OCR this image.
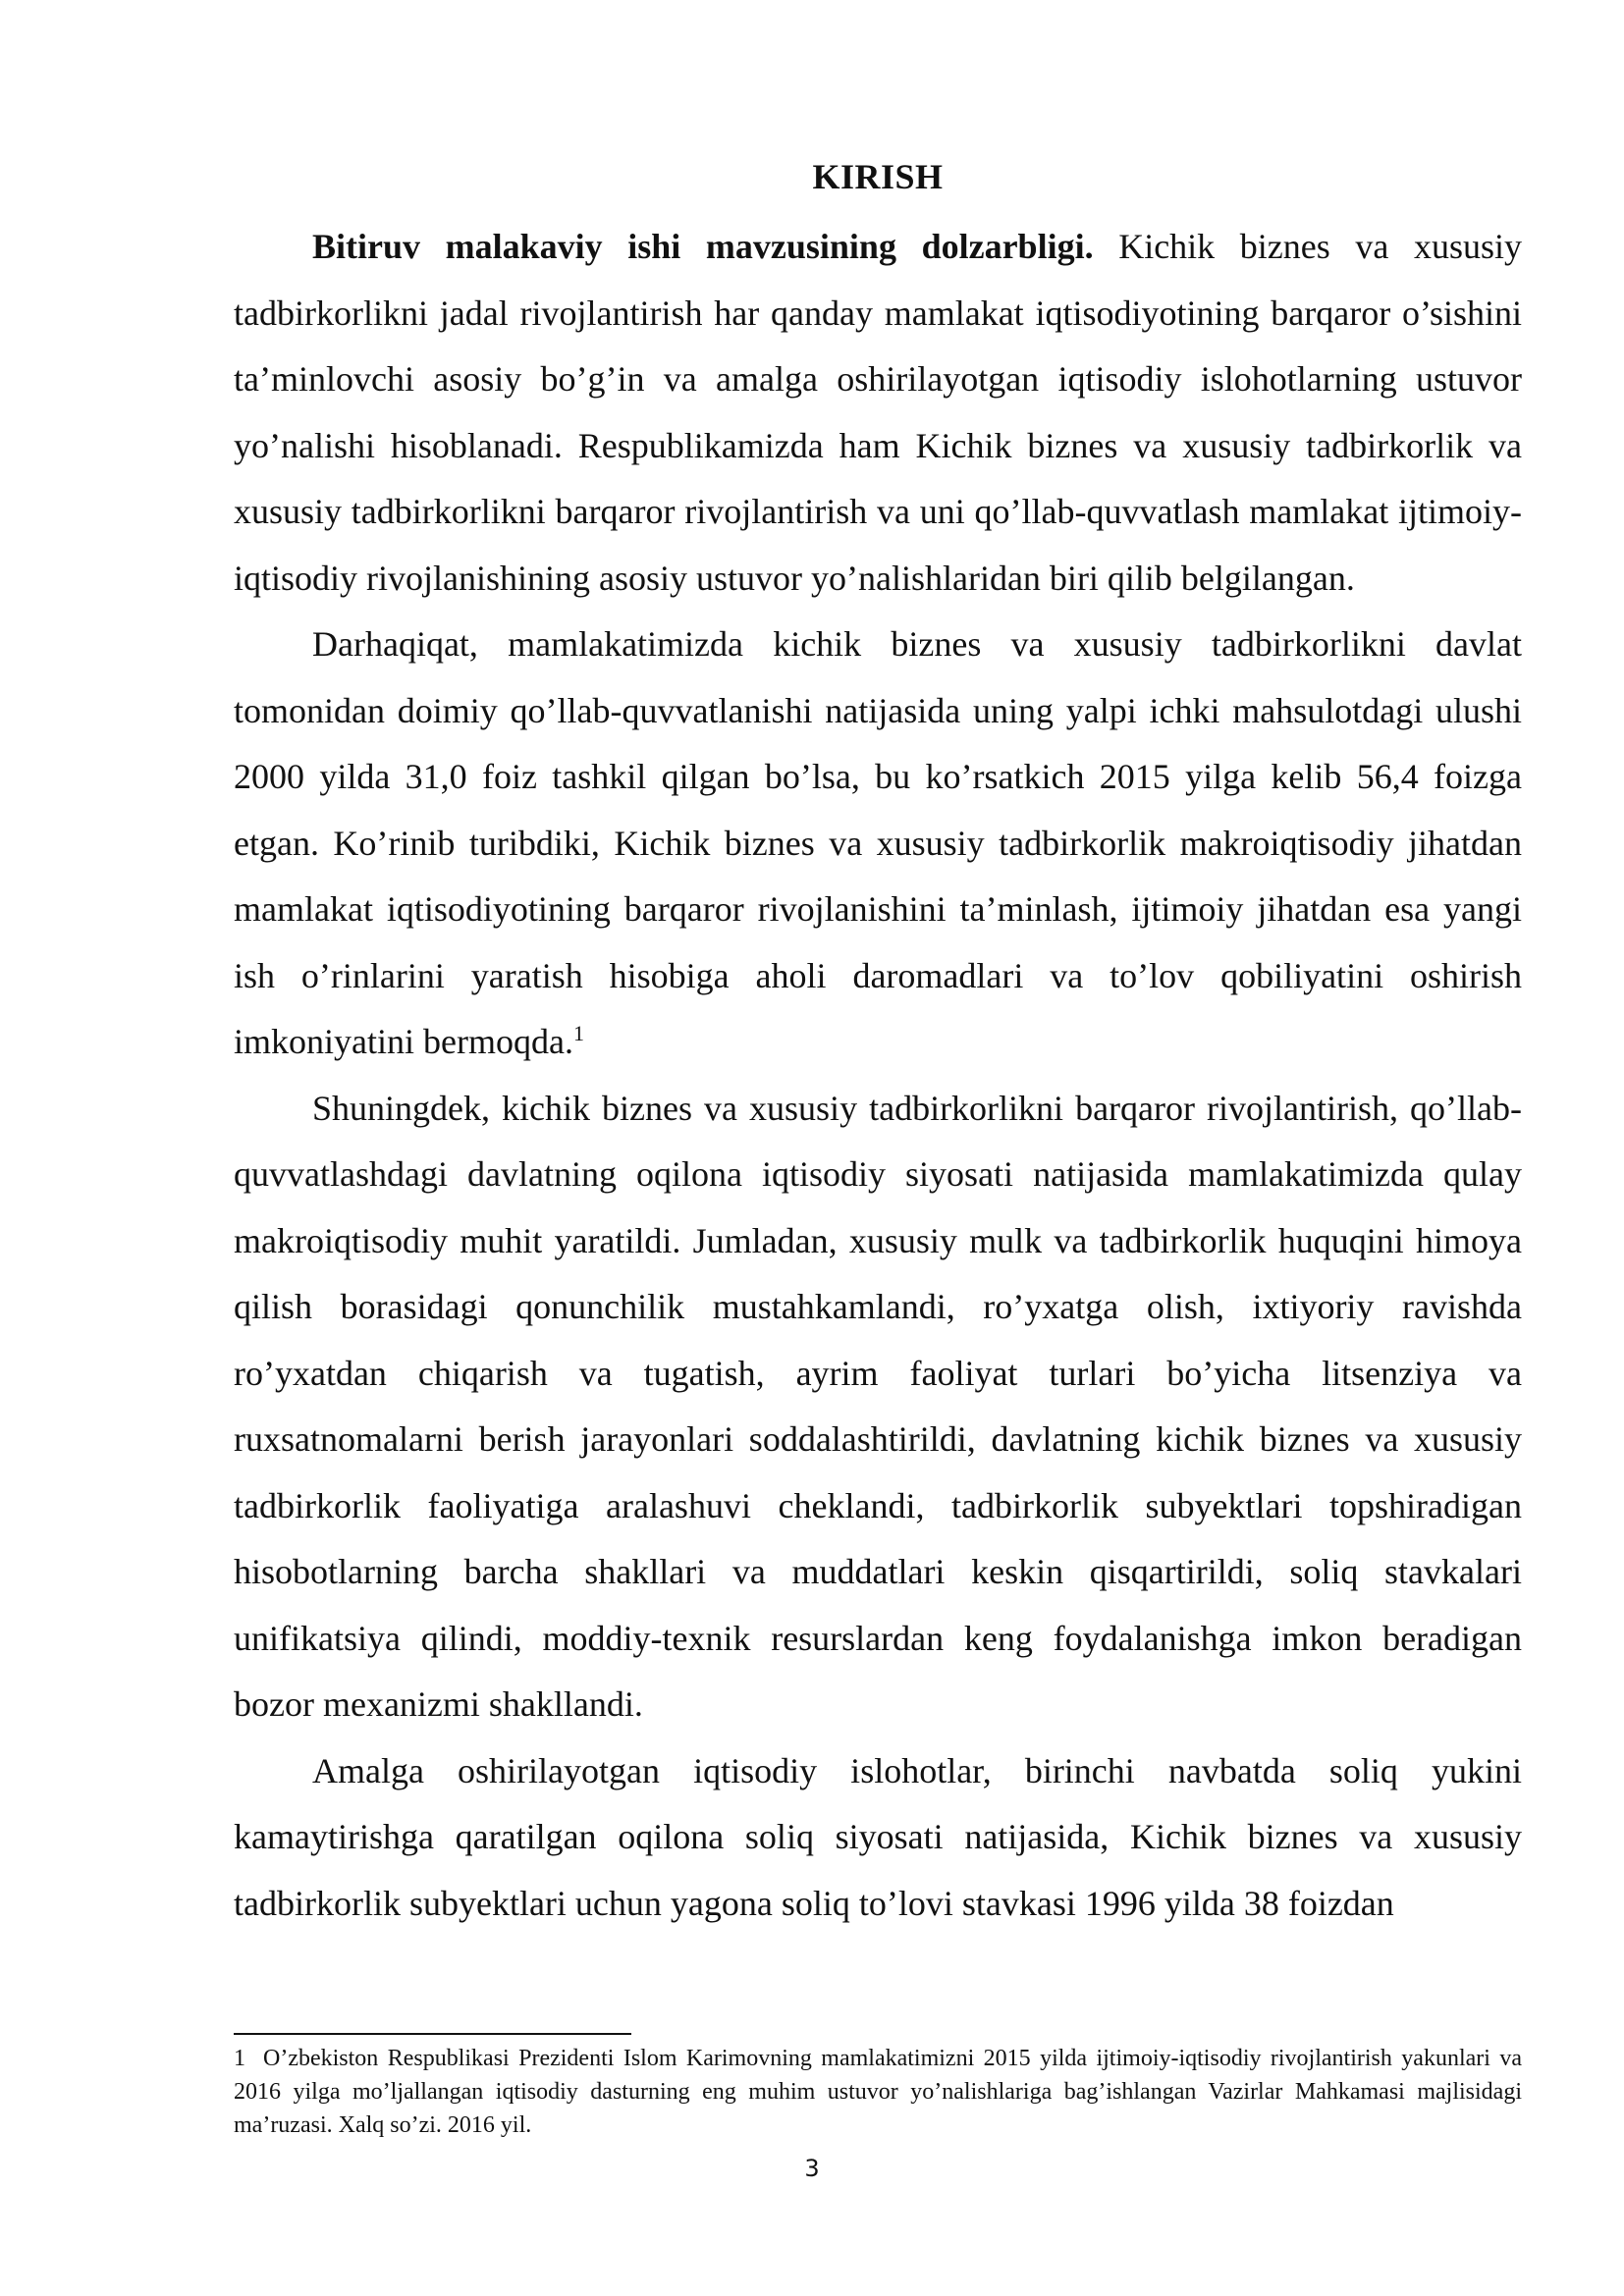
KIRISH

Bitiruv malakaviy ishi mavzusining dolzarbligi. Kichik biznes va xususiy tadbirkorlikni jadal rivojlantirish har qanday mamlakat iqtisodiyotining barqaror o’sishini ta’minlovchi asosiy bo’g’in va amalga oshirilayotgan iqtisodiy islohotlarning ustuvor yo’nalishi hisoblanadi. Respublikamizda ham Kichik biznes va xususiy tadbirkorlik va xususiy tadbirkorlikni barqaror rivojlantirish va uni qo’llab-quvvatlash mamlakat ijtimoiy-iqtisodiy rivojlanishining asosiy ustuvor yo’nalishlaridan biri qilib belgilangan.

Darhaqiqat, mamlakatimizda kichik biznes va xususiy tadbirkorlikni davlat tomonidan doimiy qo’llab-quvvatlanishi natijasida uning yalpi ichki mahsulotdagi ulushi 2000 yilda 31,0 foiz tashkil qilgan bo’lsa, bu ko’rsatkich 2015 yilga kelib 56,4 foizga etgan. Ko’rinib turibdiki, Kichik biznes va xususiy tadbirkorlik makroiqtisodiy jihatdan mamlakat iqtisodiyotining barqaror rivojlanishini ta’minlash, ijtimoiy jihatdan esa yangi ish o’rinlarini yaratish hisobiga aholi daromadlari va to’lov qobiliyatini oshirish imkoniyatini bermoqda.$^1$

Shuningdek, kichik biznes va xususiy tadbirkorlikni barqaror rivojlantirish, qo’llab-quvvatlashdagi davlatning oqilona iqtisodiy siyosati natijasida mamlakatimizda qulay makroiqtisodiy muhit yaratildi. Jumladan, xususiy mulk va tadbirkorlik huquqini himoya qilish borasidagi qonunchilik mustahkamlandi, ro’yxatga olish, ixtiyoriy ravishda ro’yxatdan chiqarish va tugatish, ayrim faoliyat turlari bo’yicha litsenziya va ruxsatnomalarni berish jarayonlari soddalashtirildi, davlatning kichik biznes va xususiy tadbirkorlik faoliyatiga aralashuvi cheklandi, tadbirkorlik subyektlari topshiradigan hisobotlarning barcha shakllari va muddatlari keskin qisqartirildi, soliq stavkalari unifikatsiya qilindi, moddiy-texnik resurslardan keng foydalanishga imkon beradigan bozor mexanizmi shakllandi.

Amalga oshirilayotgan iqtisodiy islohotlar, birinchi navbatda soliq yukini kamaytirishga qaratilgan oqilona soliq siyosati natijasida, Kichik biznes va xususiy tadbirkorlik subyektlari uchun yagona soliq to’lovi stavkasi 1996 yilda 38 foizdan

1 O’zbekiston Respublikasi Prezidenti Islom Karimovning mamlakatimizni 2015 yilda ijtimoiy-iqtisodiy rivojlantirish yakunlari va 2016 yilga mo’ljallangan iqtisodiy dasturning eng muhim ustuvor yo’nalishlariga bag’ishlangan Vazirlar Mahkamasi majlisidagi ma’ruzasi. Xalq so’zi. 2016 yil.

3
